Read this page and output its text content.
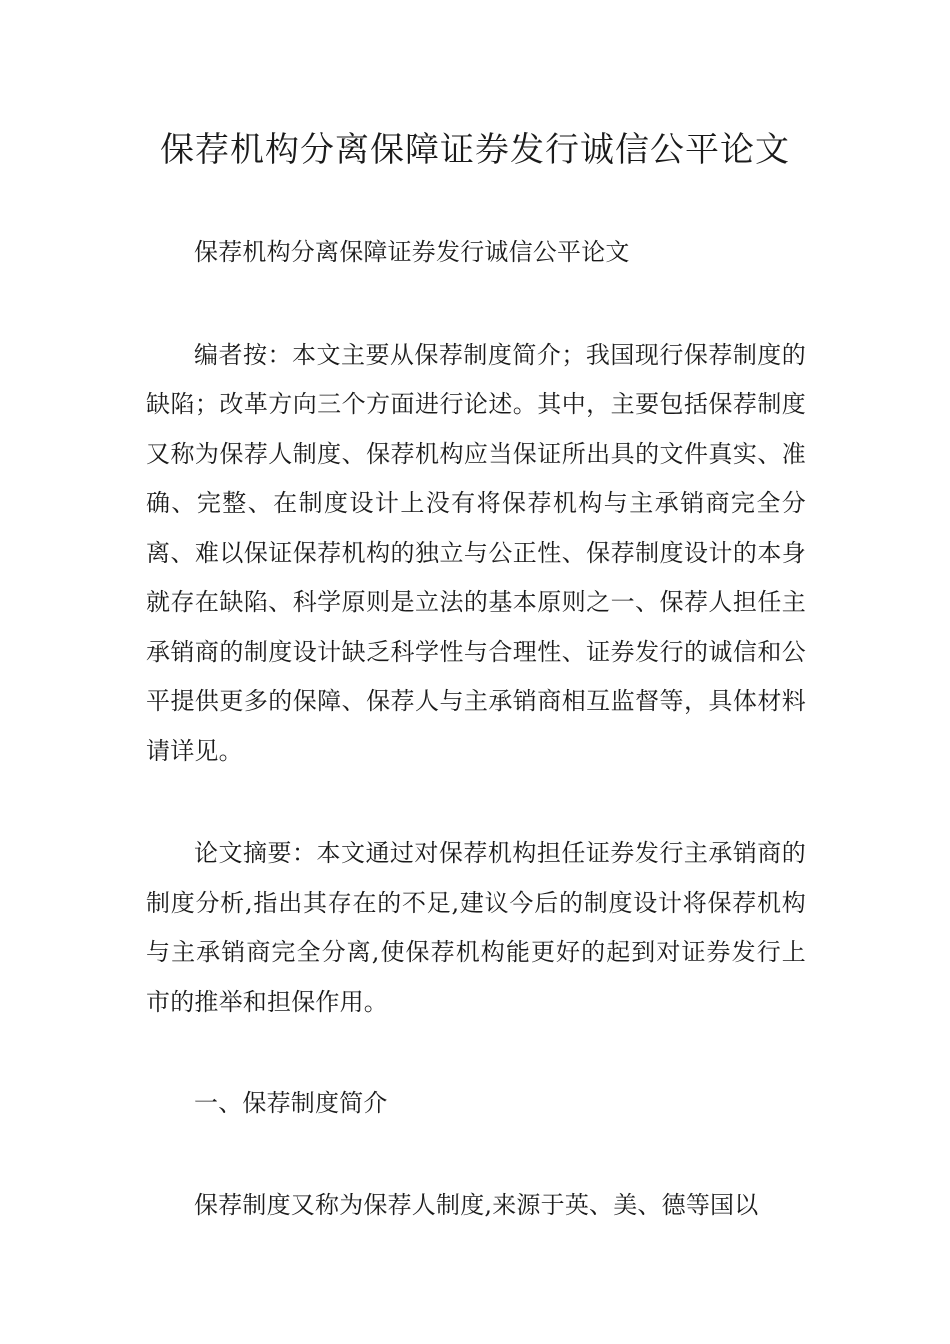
保荐机构分离保障证券发行诚信公平论文

保荐机构分离保障证券发行诚信公平论文

编者按：本文主要从保荐制度简介；我国现行保荐制度的缺陷；改革方向三个方面进行论述。其中，主要包括保荐制度又称为保荐人制度、保荐机构应当保证所出具的文件真实、准确、完整、在制度设计上没有将保荐机构与主承销商完全分离、难以保证保荐机构的独立与公正性、保荐制度设计的本身就存在缺陷、科学原则是立法的基本原则之一、保荐人担任主承销商的制度设计缺乏科学性与合理性、证券发行的诚信和公平提供更多的保障、保荐人与主承销商相互监督等，具体材料请详见。

论文摘要：本文通过对保荐机构担任证券发行主承销商的制度分析,指出其存在的不足,建议今后的制度设计将保荐机构与主承销商完全分离,使保荐机构能更好的起到对证券发行上市的推举和担保作用。

一、保荐制度简介

保荐制度又称为保荐人制度,来源于英、美、德等国以
